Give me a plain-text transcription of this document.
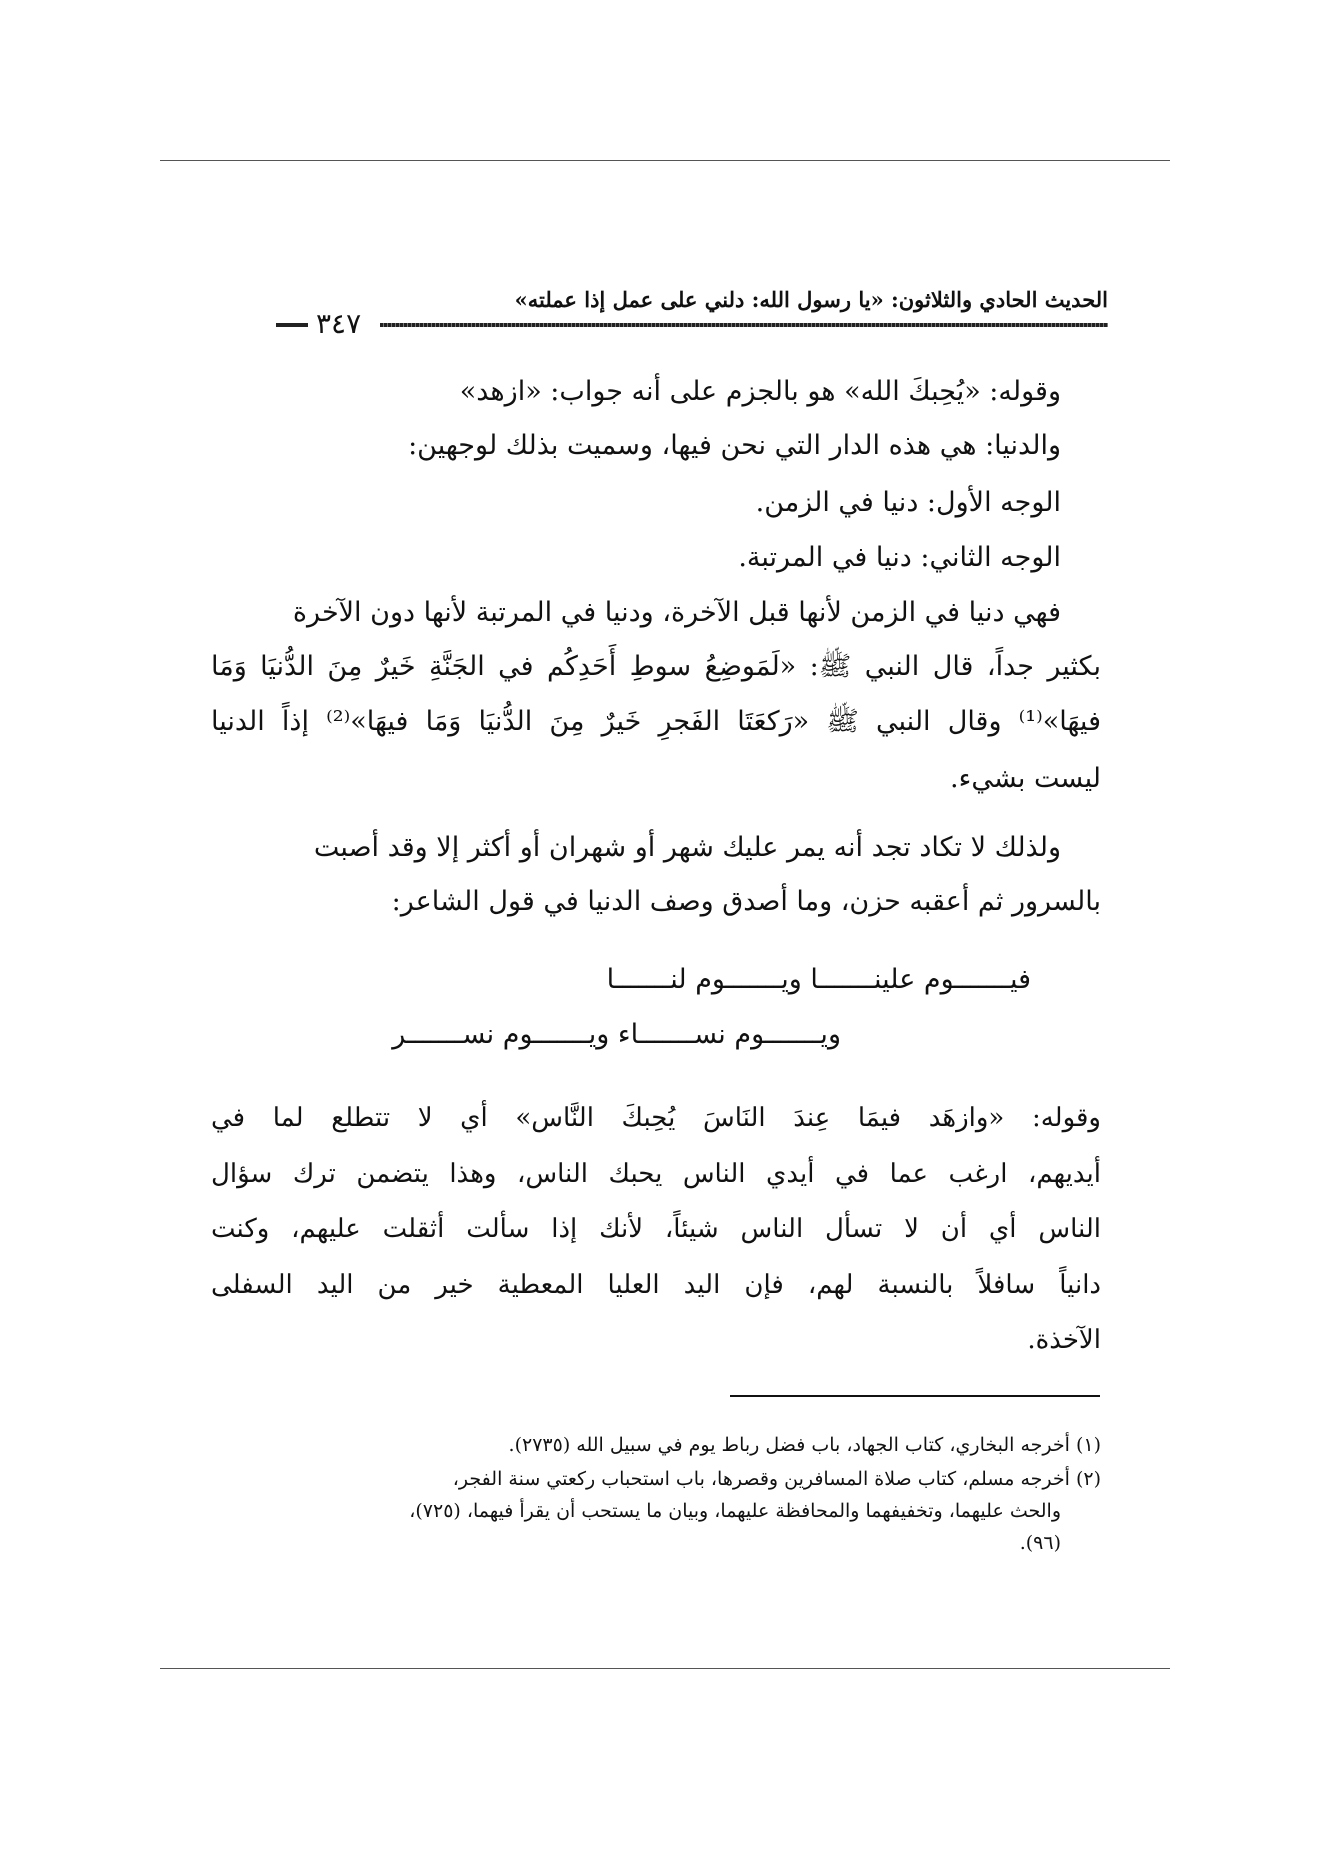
الحديث الحادي والثلاثون: «يا رسول الله: دلني على عمل إذا عملته»
٣٤٧
وقوله: «يُحِبكَ الله» هو بالجزم على أنه جواب: «ازهد»
والدنيا: هي هذه الدار التي نحن فيها، وسميت بذلك لوجهين:
الوجه الأول: دنيا في الزمن.
الوجه الثاني: دنيا في المرتبة.
فهي دنيا في الزمن لأنها قبل الآخرة، ودنيا في المرتبة لأنها دون الآخرة
بكثير جداً، قال النبي ﷺ: «لَمَوضِعُ سوطِ أَحَدِكُم في الجَنَّةِ خَيرٌ مِنَ الدُّنيَا وَمَا
فيهَا»⁽¹⁾ وقال النبي ﷺ «رَكعَتَا الفَجرِ خَيرٌ مِنَ الدُّنيَا وَمَا فيهَا»⁽²⁾ إذاً الدنيا
ليست بشيء.
ولذلك لا تكاد تجد أنه يمر عليك شهر أو شهران أو أكثر إلا وقد أصبت
بالسرور ثم أعقبه حزن، وما أصدق وصف الدنيا في قول الشاعر:
فيـــــــوم علينـــــــا ويـــــــوم لنـــــــا
ويـــــــوم نســـــــاء ويـــــــوم نســـــــر
وقوله: «وازهَد فيمَا عِندَ النَاسَ يُحِبكَ النَّاس» أي لا تتطلع لما في
أيديهم، ارغب عما في أيدي الناس يحبك الناس، وهذا يتضمن ترك سؤال
الناس أي أن لا تسأل الناس شيئاً، لأنك إذا سألت أثقلت عليهم، وكنت
دانياً سافلاً بالنسبة لهم، فإن اليد العليا المعطية خير من اليد السفلى
الآخذة.
(١) أخرجه البخاري، كتاب الجهاد، باب فضل رباط يوم في سبيل الله (٢٧٣٥).
(٢) أخرجه مسلم، كتاب صلاة المسافرين وقصرها، باب استحباب ركعتي سنة الفجر،
والحث عليهما، وتخفيفهما والمحافظة عليهما، وبيان ما يستحب أن يقرأ فيهما، (٧٢٥)،
(٩٦).
